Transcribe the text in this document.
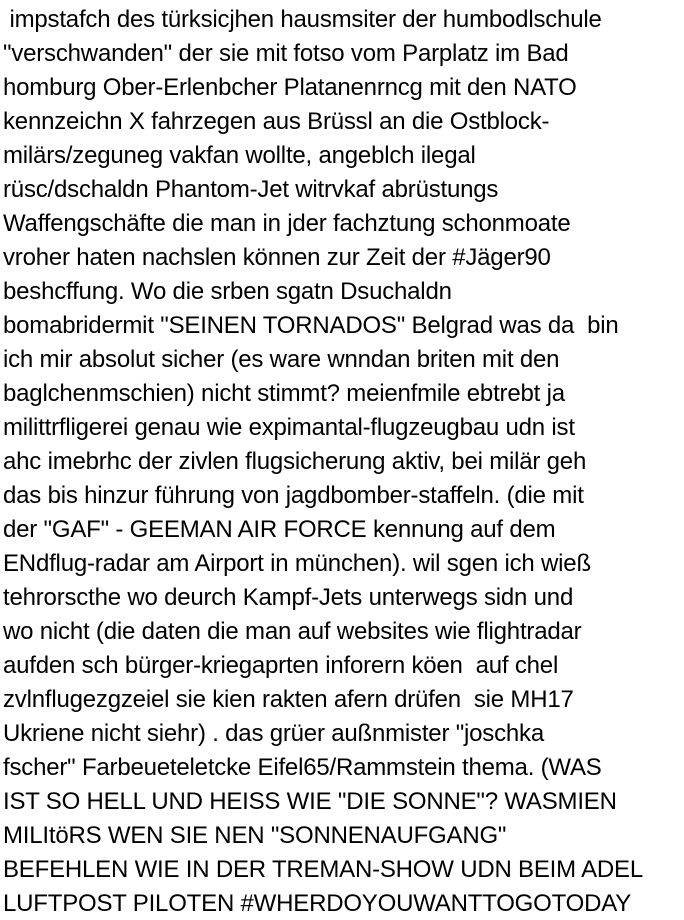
impstafch des türksicjhen hausmsiter der humbodlschule
"verschwanden" der sie mit fotso vom Parplatz im Bad
homburg Ober-Erlenbcher Platanenrncg mit den NATO
kennzeichn X fahrzegen aus Brüssl an die Ostblock-
milärs/zeguneg vakfan wollte, angeblch ilegal
rüsc/dschaldn Phantom-Jet witrvkaf abrüstungs
Waffengschäfte die man in jder fachztung schonmoate
vroher haten nachslen können zur Zeit der #Jäger90
beshcffung. Wo die srben sgatn Dsuchaldn
bomabridermit "SEINEN TORNADOS" Belgrad was da  bin
ich mir absolut sicher (es ware wnndan briten mit den
baglchenmschien) nicht stimmt? meienfmile ebtrebt ja
milittrfligerei genau wie expimantal-flugzeugbau udn ist
ahc imebrhc der zivlen flugsicherung aktiv, bei milär geh
das bis hinzur führung von jagdbomber-staffeln. (die mit
der "GAF" - GEEMAN AIR FORCE kennung auf dem
ENdflug-radar am Airport in münchen). wil sgen ich wieß
tehrorscthe wo deurch Kampf-Jets unterwegs sidn und
wo nicht (die daten die man auf websites wie flightradar
aufden sch bürger-kriegaprten inforern köen  auf chel
zvlnflugezgzeiel sie kien rakten afern drüfen  sie MH17
Ukriene nicht siehr) . das grüer außnmister "joschka
fscher" Farbeueteletcke Eifel65/Rammstein thema. (WAS
IST SO HELL UND HEISS WIE "DIE SONNE"? WASMIEN
MILItöRS WEN SIE NEN "SONNENAUFGANG"
BEFEHLEN WIE IN DER TREMAN-SHOW UDN BEIM ADEL
LUFTPOST PILOTEN #WHERDOYOUWANTTOGOTODAY
